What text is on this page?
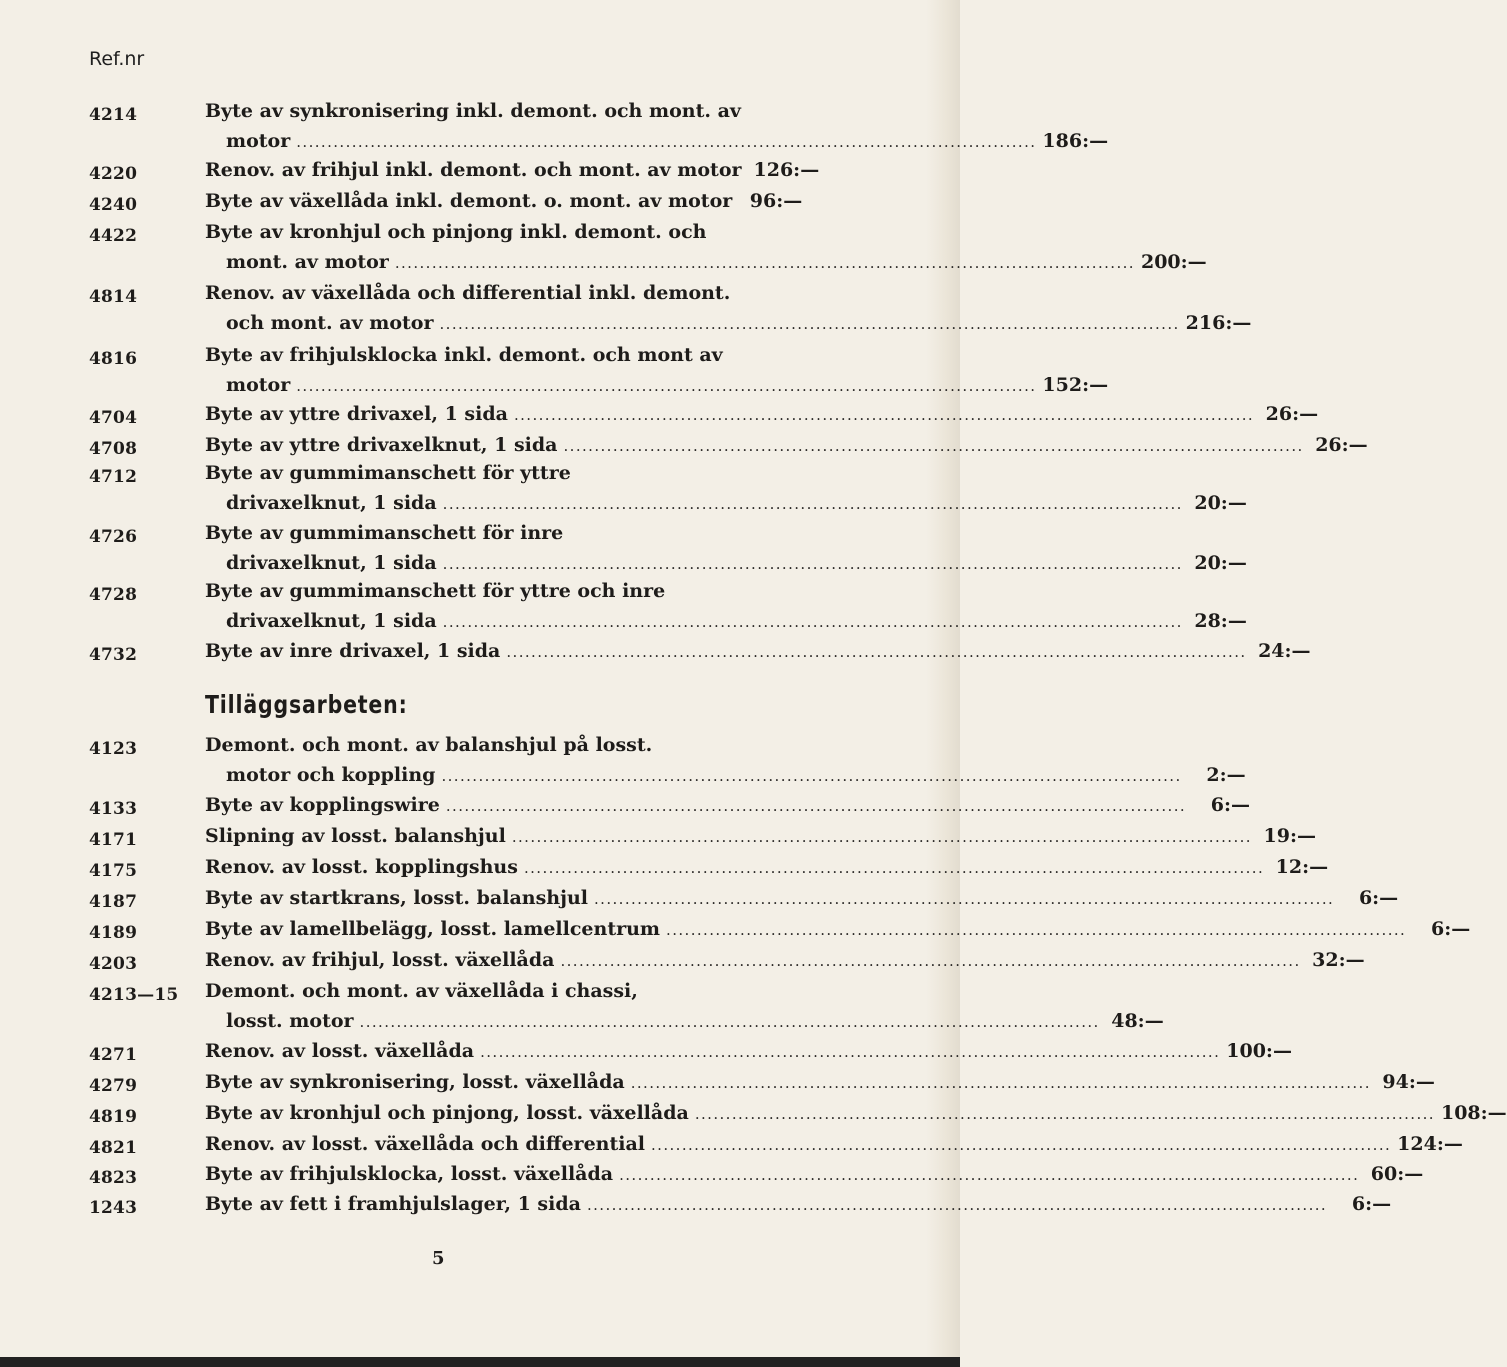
Ref.nr
4214	Byte av synkronisering inkl. demont. och mont. av
motor ........................................................................................................................ 186:—
4220	Renov. av frihjul inkl. demont. och mont. av motor 126:—
4240	Byte av växellåda inkl. demont. o. mont. av motor 96:—
4422	Byte av kronhjul och pinjong inkl. demont. och
mont. av motor ........................................................................................................................ 200:—
4814	Renov. av växellåda och differential inkl. demont.
och mont. av motor ........................................................................................................................ 216:—
4816	Byte av frihjulsklocka inkl. demont. och mont av
motor ........................................................................................................................ 152:—
4704	Byte av yttre drivaxel, 1 sida ........................................................................................................................ 26:—
4708	Byte av yttre drivaxelknut, 1 sida ........................................................................................................................ 26:—
4712	Byte av gummimanschett för yttre
drivaxelknut, 1 sida ........................................................................................................................ 20:—
4726	Byte av gummimanschett för inre
drivaxelknut, 1 sida ........................................................................................................................ 20:—
4728	Byte av gummimanschett för yttre och inre
drivaxelknut, 1 sida ........................................................................................................................ 28:—
4732	Byte av inre drivaxel, 1 sida ........................................................................................................................ 24:—
Tilläggsarbeten:
4123	Demont. och mont. av balanshjul på losst.
motor och koppling ........................................................................................................................	2:—
4133	Byte av kopplingswire ........................................................................................................................	6:—
4171	Slipning av losst. balanshjul ........................................................................................................................ 19:—
4175	Renov. av losst. kopplingshus ........................................................................................................................ 12:—
4187	Byte av startkrans, losst. balanshjul ........................................................................................................................	6:—
4189	Byte av lamellbelägg, losst. lamellcentrum ........................................................................................................................	6:—
4203	Renov. av frihjul, losst. växellåda ........................................................................................................................ 32:—
4213—15 Demont. och mont. av växellåda i chassi,
losst. motor ........................................................................................................................ 48:—
4271	Renov. av losst. växellåda ........................................................................................................................ 100:—
4279	Byte av synkronisering, losst. växellåda ........................................................................................................................ 94:—
4819	Byte av kronhjul och pinjong, losst. växellåda ........................................................................................................................ 108:—
4821	Renov. av losst. växellåda och differential ........................................................................................................................ 124:—
4823	Byte av frihjulsklocka, losst. växellåda ........................................................................................................................ 60:—
1243	Byte av fett i framhjulslager, 1 sida ........................................................................................................................	6:—
5
